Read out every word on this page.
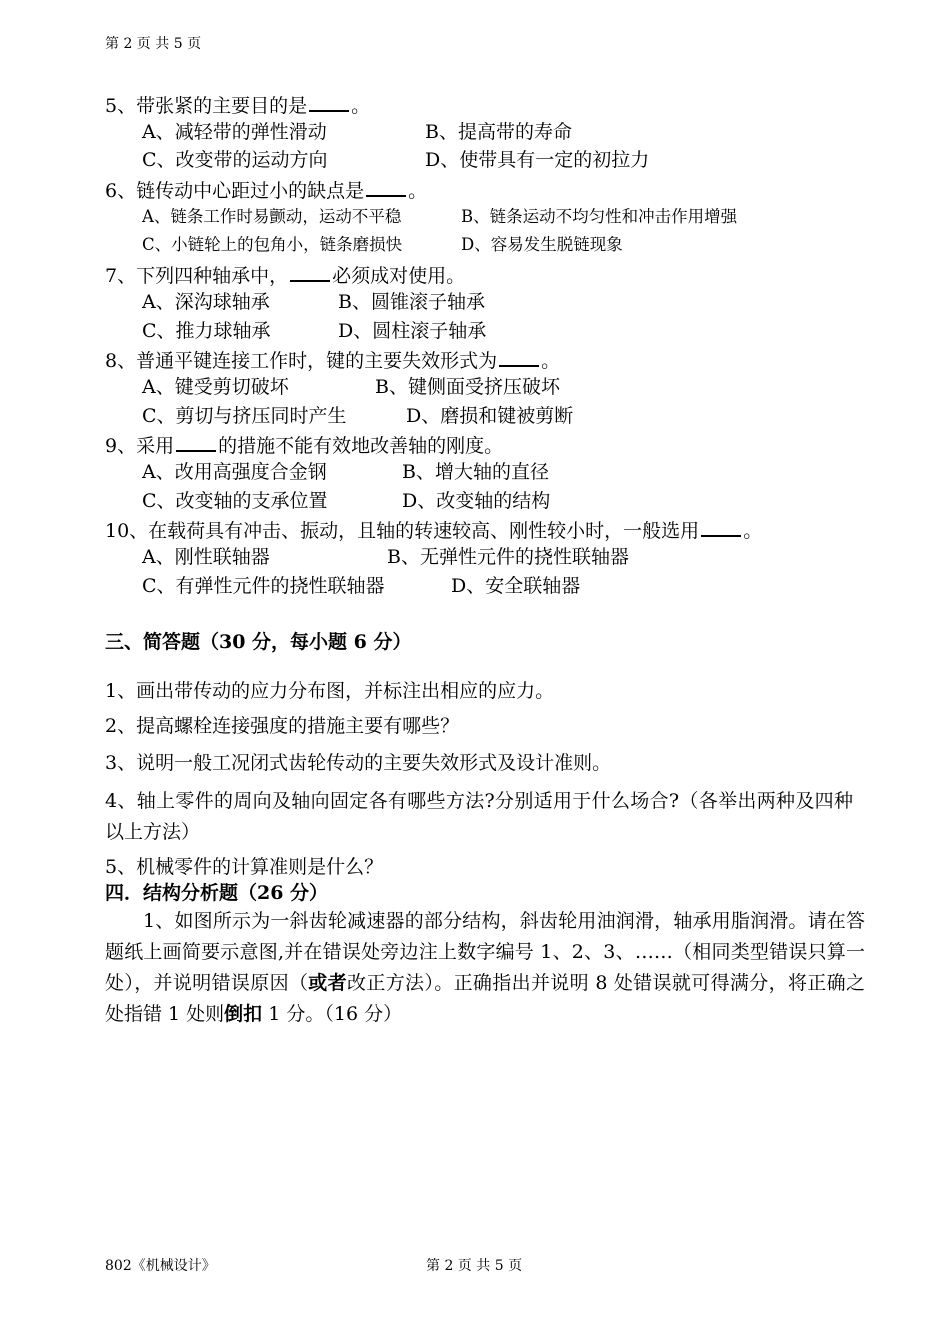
第 2 页 共 5 页
5、带张紧的主要目的是 。
A、减轻带的弹性滑动	B、提高带的寿命
C、改变带的运动方向	D、使带具有一定的初拉力
6、链传动中心距过小的缺点是 。
A、链条工作时易颤动，运动不平稳	B、链条运动不均匀性和冲击作用增强
C、小链轮上的包角小，链条磨损快	D、容易发生脱链现象
7、下列四种轴承中， 必须成对使用。
A、深沟球轴承	B、圆锥滚子轴承
C、推力球轴承	D、圆柱滚子轴承
8、普通平键连接工作时，键的主要失效形式为 。
A、键受剪切破坏	B、键侧面受挤压破坏
C、剪切与挤压同时产生	D、磨损和键被剪断
9、采用 的措施不能有效地改善轴的刚度。
A、改用高强度合金钢	B、增大轴的直径
C、改变轴的支承位置	D、改变轴的结构
10、在载荷具有冲击、振动，且轴的转速较高、刚性较小时，一般选用 。
A、刚性联轴器	B、无弹性元件的挠性联轴器
C、有弹性元件的挠性联轴器	D、安全联轴器
三、简答题（30 分，每小题 6 分）
1、画出带传动的应力分布图，并标注出相应的应力。
2、提高螺栓连接强度的措施主要有哪些？
3、说明一般工况闭式齿轮传动的主要失效形式及设计准则。
4、轴上零件的周向及轴向固定各有哪些方法?分别适用于什么场合?（各举出两种及四种以上方法）
5、机械零件的计算准则是什么？
四．结构分析题（26 分）
1、如图所示为一斜齿轮减速器的部分结构，斜齿轮用油润滑，轴承用脂润滑。请在答题纸上画简要示意图,并在错误处旁边注上数字编号 1、2、3、……（相同类型错误只算一处），并说明错误原因（或者改正方法）。正确指出并说明 8 处错误就可得满分，将正确之处指错 1 处则倒扣 1 分。（16 分）
802《机械设计》	第 2 页 共 5 页
